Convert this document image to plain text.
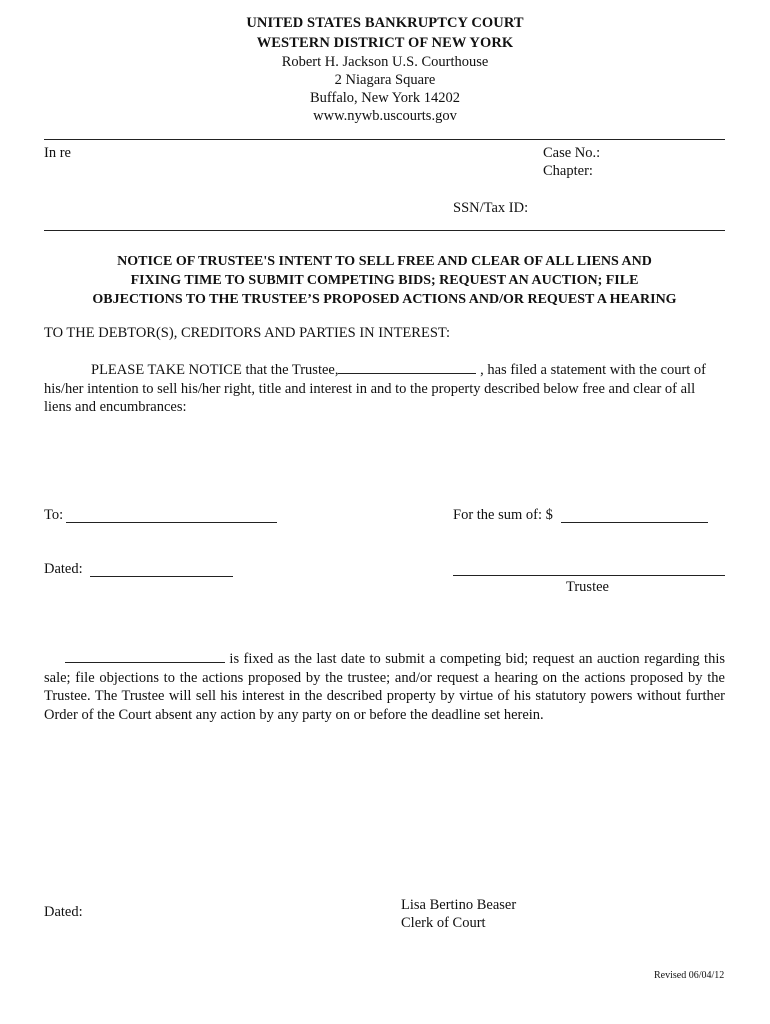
UNITED STATES BANKRUPTCY COURT
WESTERN DISTRICT OF NEW YORK
Robert H. Jackson U.S. Courthouse
2 Niagara Square
Buffalo, New York 14202
www.nywb.uscourts.gov
In re	Case No.:
Chapter:
SSN/Tax ID:
NOTICE OF TRUSTEE'S INTENT TO SELL FREE AND CLEAR OF ALL LIENS AND
FIXING TIME TO SUBMIT COMPETING BIDS; REQUEST AN AUCTION; FILE
OBJECTIONS TO THE TRUSTEE’S PROPOSED ACTIONS AND/OR REQUEST A HEARING
TO THE DEBTOR(S), CREDITORS AND PARTIES IN INTEREST:
PLEASE TAKE NOTICE that the Trustee,	, has filed a statement with the court of his/her intention to sell his/her right, title and interest in and to the property described below free and clear of all liens and encumbrances:
To:	For the sum of: $
Dated:
Trustee
is fixed as the last date to submit a competing bid; request an auction regarding this sale; file objections to the actions proposed by the trustee; and/or request a hearing on the actions proposed by the Trustee. The Trustee will sell his interest in the described property by virtue of his statutory powers without further Order of the Court absent any action by any party on or before the deadline set herein.
Dated:	Lisa Bertino Beaser
Clerk of Court
Revised 06/04/12
